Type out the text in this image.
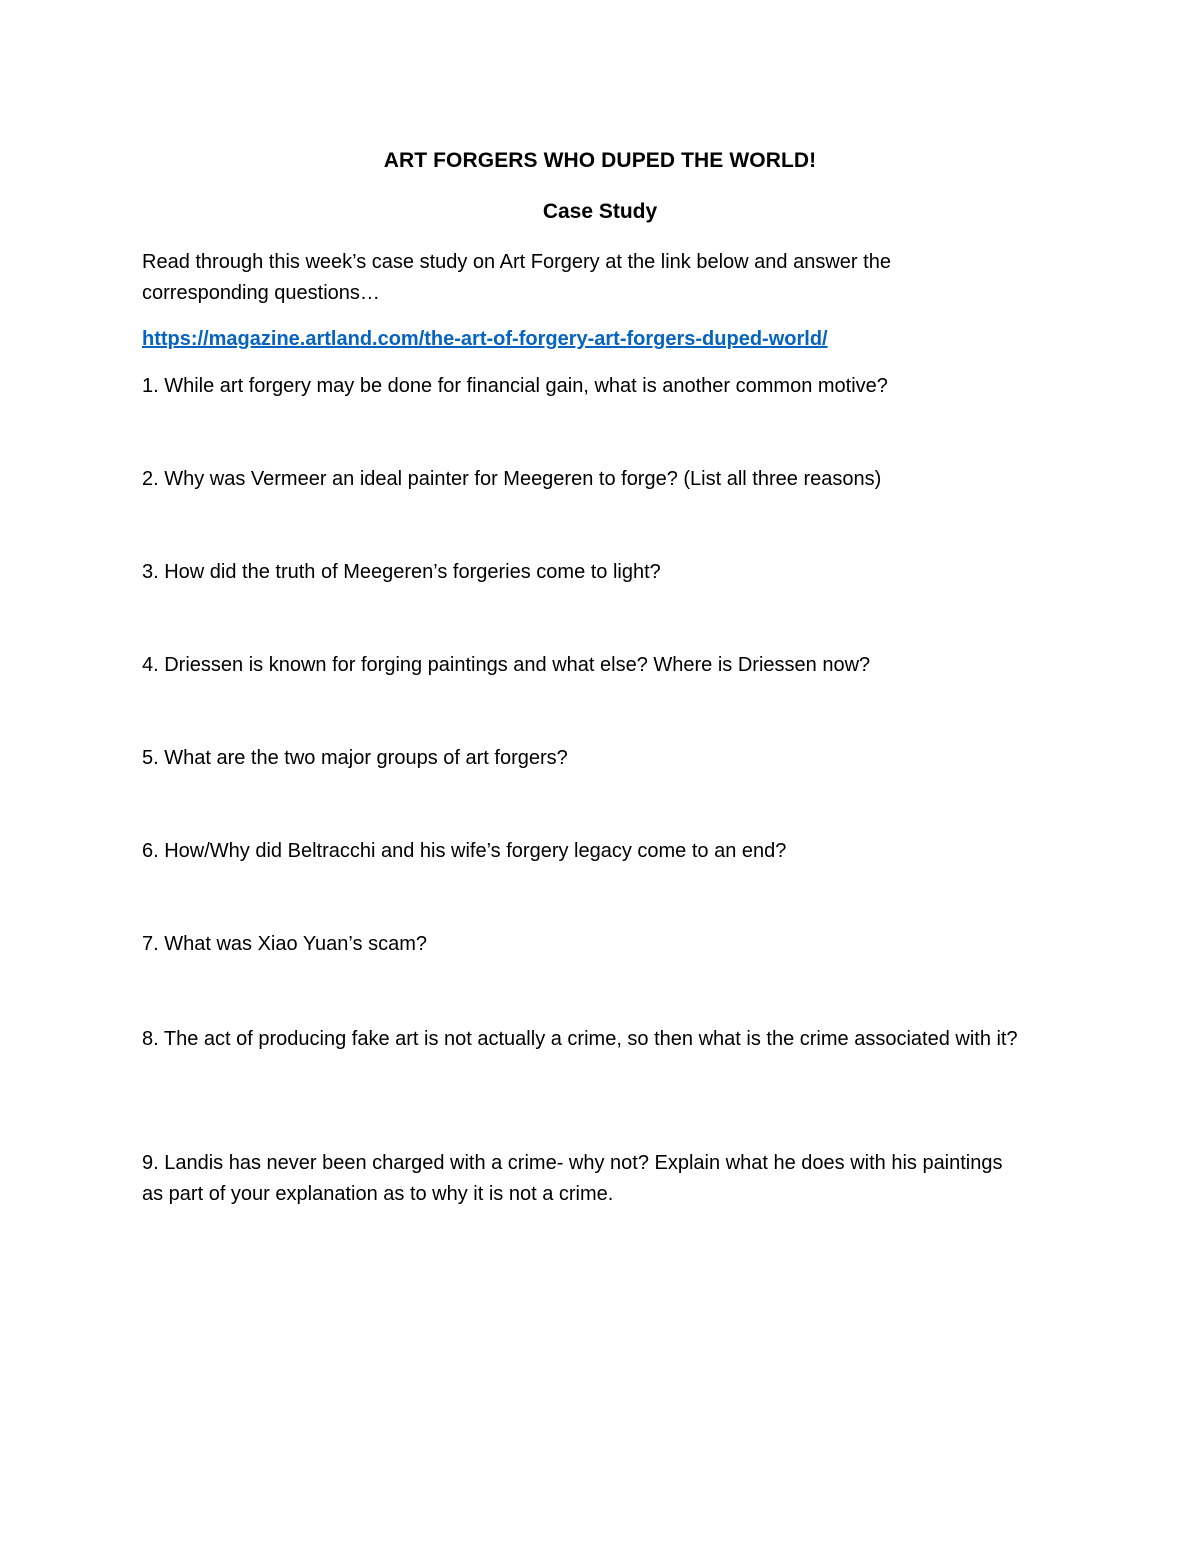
ART FORGERS WHO DUPED THE WORLD!
Case Study
Read through this week’s case study on Art Forgery at the link below and answer the corresponding questions…
https://magazine.artland.com/the-art-of-forgery-art-forgers-duped-world/
1. While art forgery may be done for financial gain, what is another common motive?
2. Why was Vermeer an ideal painter for Meegeren to forge? (List all three reasons)
3. How did the truth of Meegeren’s forgeries come to light?
4. Driessen is known for forging paintings and what else? Where is Driessen now?
5. What are the two major groups of art forgers?
6. How/Why did Beltracchi and his wife’s forgery legacy come to an end?
7. What was Xiao Yuan’s scam?
8. The act of producing fake art is not actually a crime, so then what is the crime associated with it?
9. Landis has never been charged with a crime- why not? Explain what he does with his paintings as part of your explanation as to why it is not a crime.
